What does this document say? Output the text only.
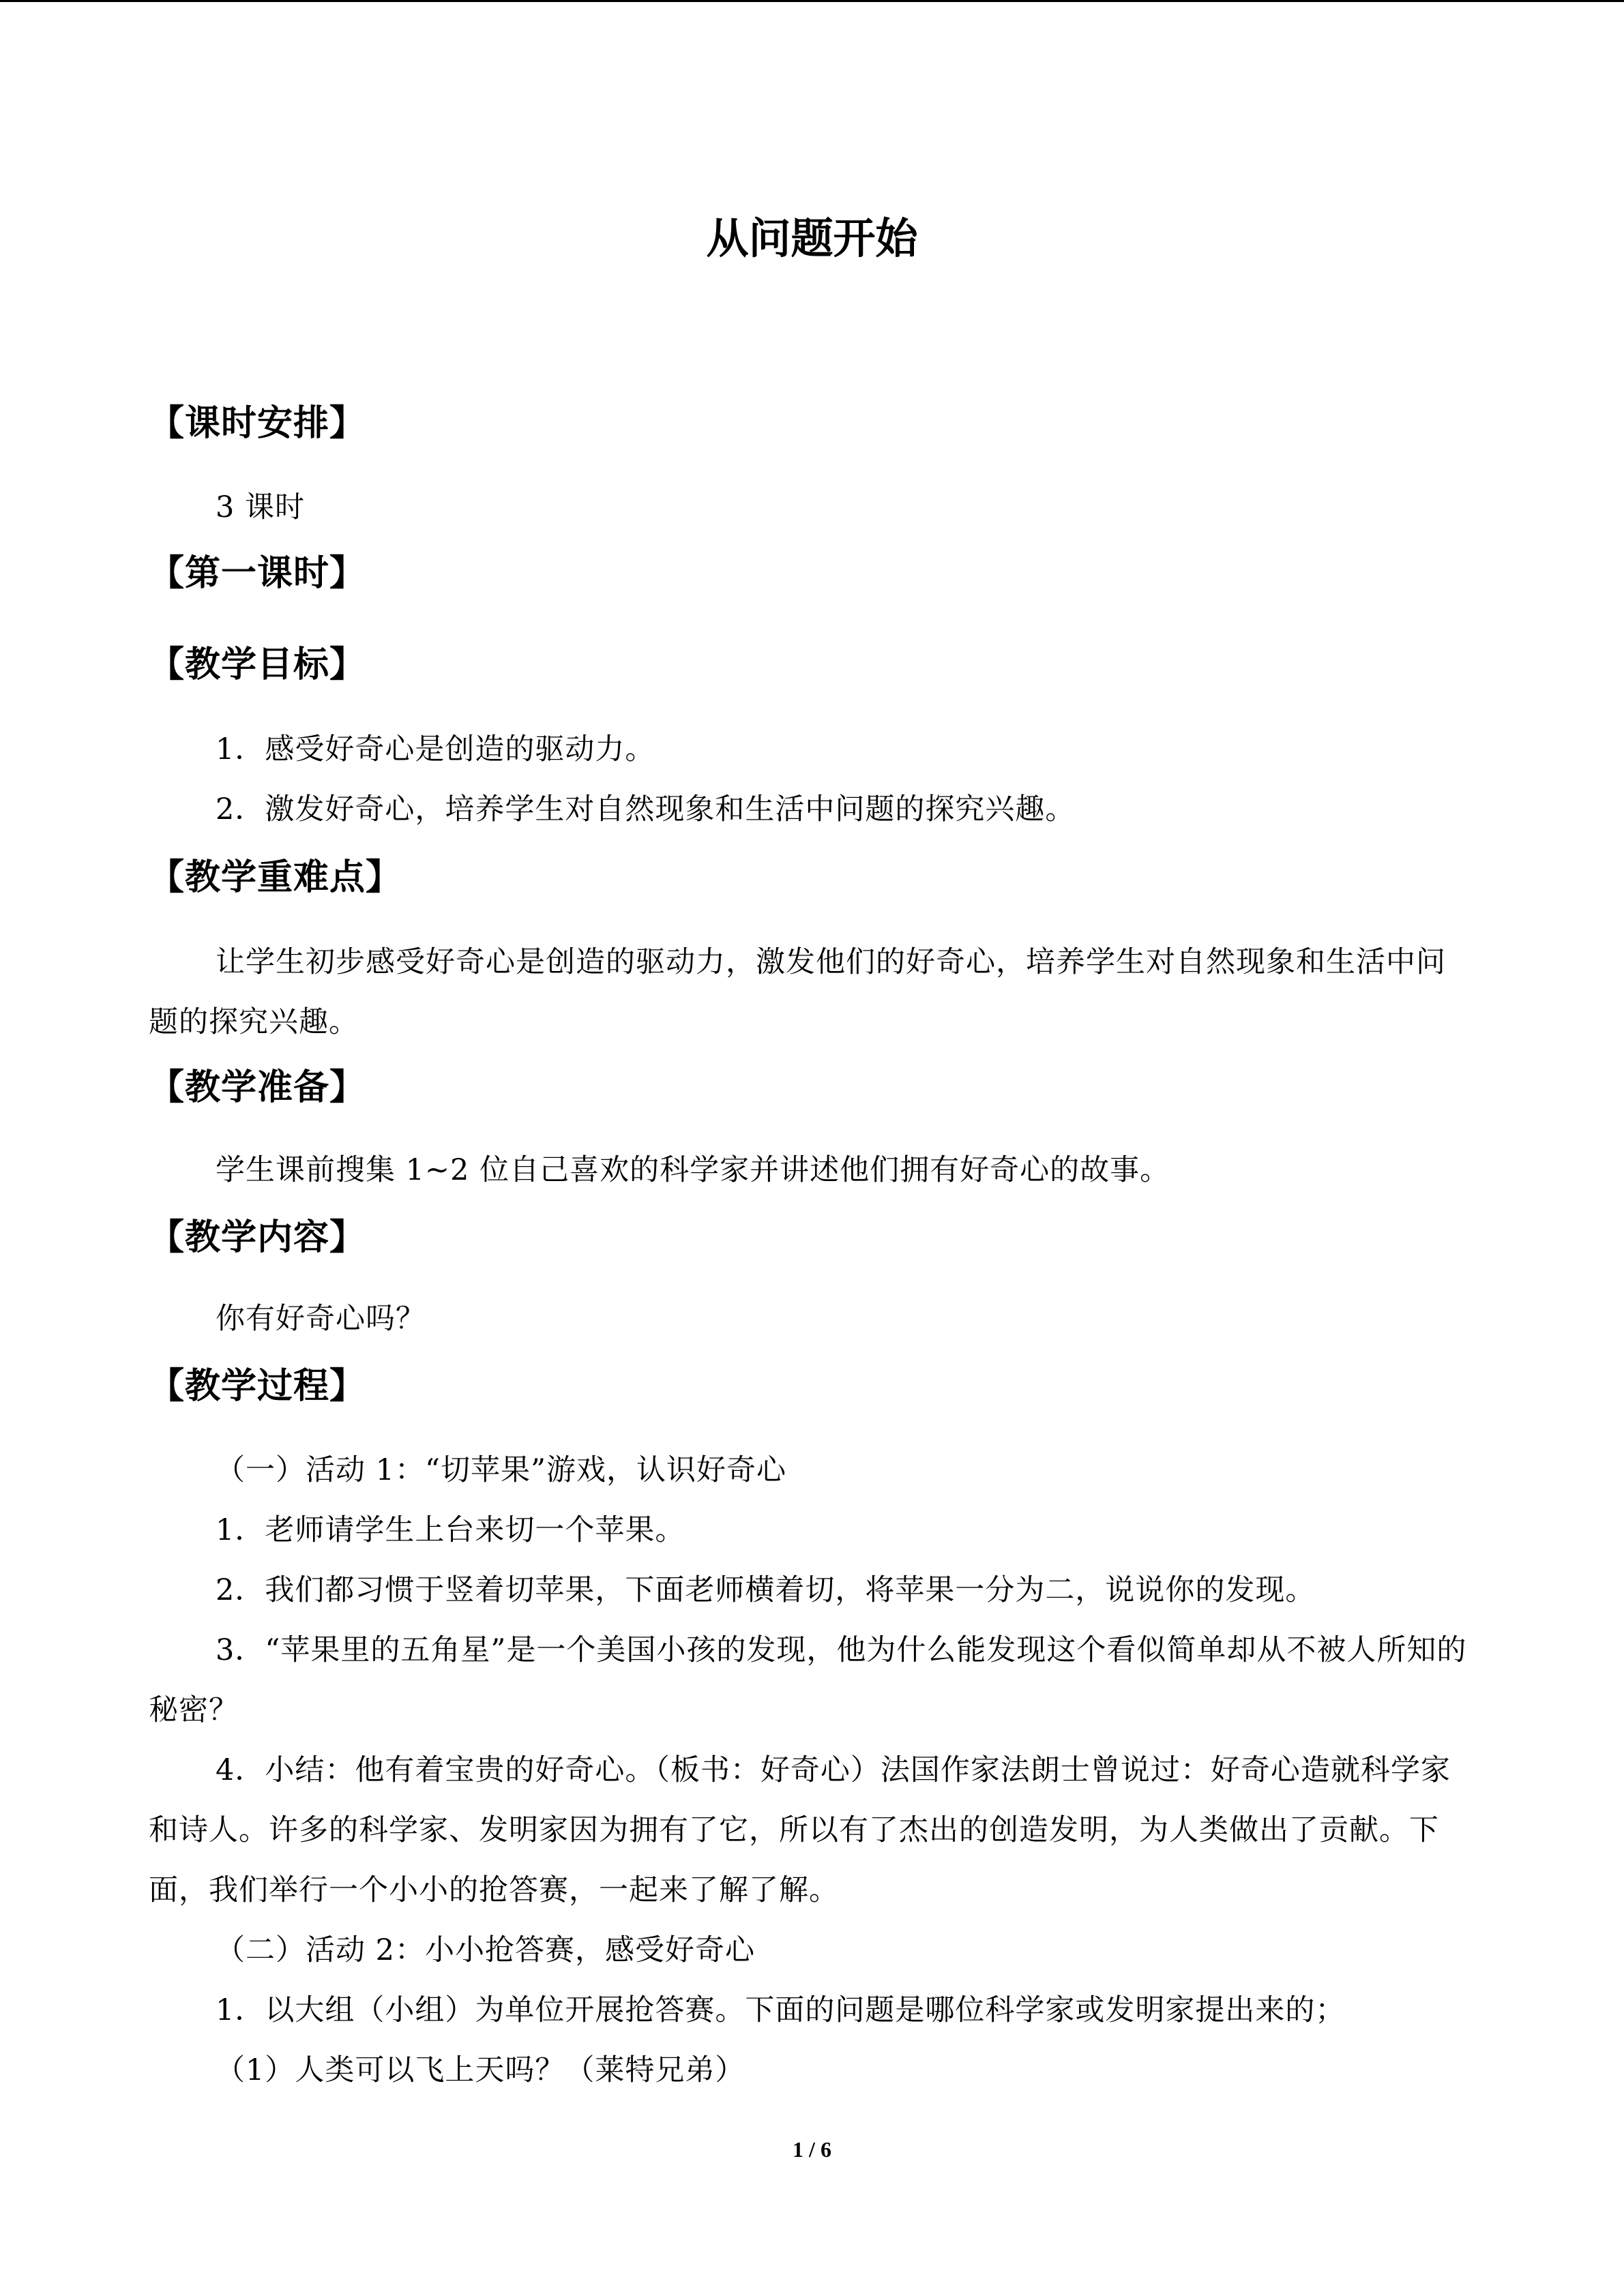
从问题开始
【课时安排】
3 课时
【第一课时】
【教学目标】
1．感受好奇心是创造的驱动力。
2．激发好奇心，培养学生对自然现象和生活中问题的探究兴趣。
【教学重难点】
让学生初步感受好奇心是创造的驱动力，激发他们的好奇心，培养学生对自然现象和生活中问题的探究兴趣。
【教学准备】
学生课前搜集 1~2 位自己喜欢的科学家并讲述他们拥有好奇心的故事。
【教学内容】
你有好奇心吗？
【教学过程】
（一）活动 1：“切苹果”游戏，认识好奇心
1．老师请学生上台来切一个苹果。
2．我们都习惯于竖着切苹果，下面老师横着切，将苹果一分为二，说说你的发现。
3．“苹果里的五角星”是一个美国小孩的发现，他为什么能发现这个看似简单却从不被人所知的秘密？
4．小结：他有着宝贵的好奇心。（板书：好奇心）法国作家法朗士曾说过：好奇心造就科学家和诗人。许多的科学家、发明家因为拥有了它，所以有了杰出的创造发明，为人类做出了贡献。下面，我们举行一个小小的抢答赛，一起来了解了解。
（二）活动 2：小小抢答赛，感受好奇心
1．以大组（小组）为单位开展抢答赛。下面的问题是哪位科学家或发明家提出来的；
（1）人类可以飞上天吗？（莱特兄弟）
1 / 6
